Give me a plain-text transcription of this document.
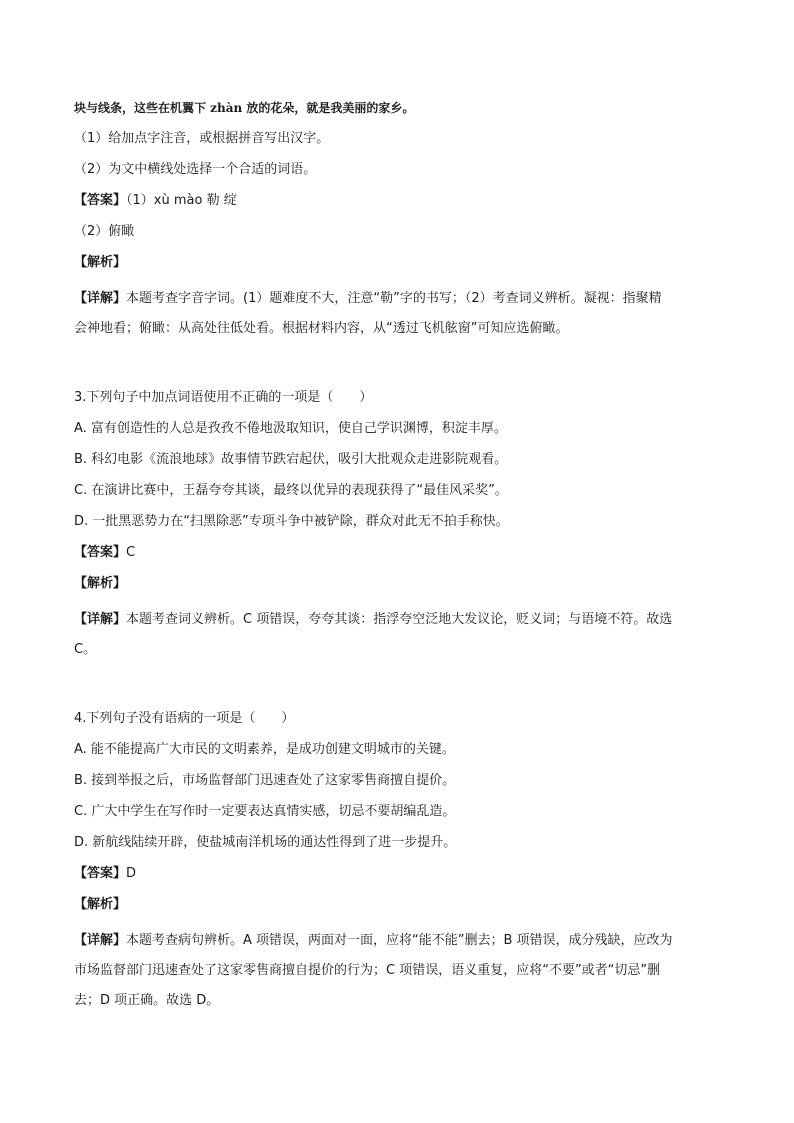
块与线条，这些在机翼下 zhàn 放的花朵，就是我美丽的家乡。

（1）给加点字注音，或根据拼音写出汉字。

（2）为文中横线处选择一个合适的词语。

【答案】（1）xù mào 勒 绽

（2）俯瞰

【解析】

【详解】本题考查字音字词。(1）题难度不大，注意“勒”字的书写；（2）考查词义辨析。凝视：指聚精
会神地看；俯瞰：从高处往低处看。根据材料内容，从“透过飞机舷窗”可知应选俯瞰。

3.下列句子中加点词语使用不正确的一项是（　　）

A. 富有创造性的人总是孜孜不倦地汲取知识，使自己学识渊博，积淀丰厚。

B. 科幻电影《流浪地球》故事情节跌宕起伏，吸引大批观众走进影院观看。

C. 在演讲比赛中，王磊夸夸其谈，最终以优异的表现获得了“最佳风采奖”。

D. 一批黑恶势力在“扫黑除恶”专项斗争中被铲除，群众对此无不拍手称快。

【答案】C

【解析】

【详解】本题考查词义辨析。C 项错误，夸夸其谈：指浮夸空泛地大发议论，贬义词；与语境不符。故选
C。

4.下列句子没有语病的一项是（　　）

A. 能不能提高广大市民的文明素养，是成功创建文明城市的关键。

B. 接到举报之后，市场监督部门迅速查处了这家零售商擅自提价。

C. 广大中学生在写作时一定要表达真情实感，切忌不要胡编乱造。

D. 新航线陆续开辟，使盐城南洋机场的通达性得到了进一步提升。

【答案】D

【解析】

【详解】本题考查病句辨析。A 项错误，两面对一面，应将“能不能”删去；B 项错误，成分残缺，应改为
市场监督部门迅速查处了这家零售商擅自提价的行为；C 项错误，语义重复，应将“不要”或者“切忌”删
去；D 项正确。故选 D。
